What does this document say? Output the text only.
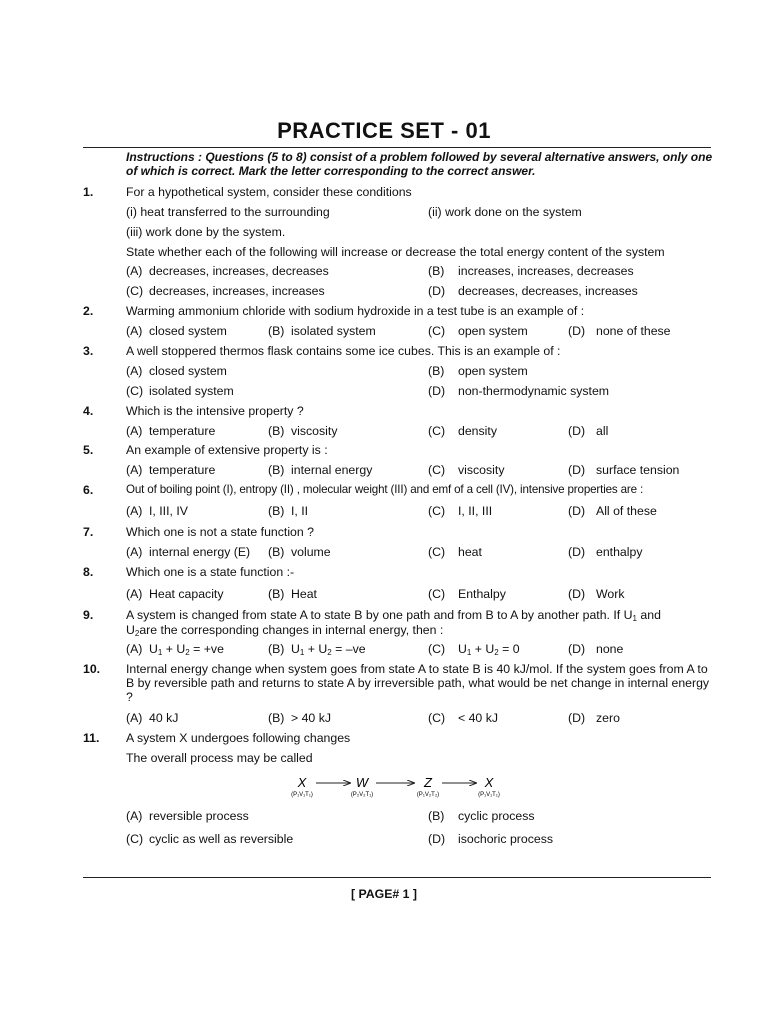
PRACTICE SET - 01
Instructions : Questions (5 to 8) consist of a problem followed by several alternative answers, only one of which is correct. Mark the letter corresponding to the correct answer.
1.	For a hypothetical system, consider these conditions
(i) heat transferred to the surrounding	(ii) work done on the system
(iii) work done by the system.
State whether each of the following will increase or decrease the total energy content of the system
(A) decreases, increases, decreases	(B) increases, increases, decreases
(C) decreases, increases, increases	(D) decreases, decreases, increases
2.	Warming ammonium chloride with sodium hydroxide in a test tube is an example of :
(A) closed system	(B) isolated system	(C) open system	(D) none of these
3.	A well stoppered thermos flask contains some ice cubes. This is an example of :
(A) closed system	(B) open system
(C) isolated system	(D) non-thermodynamic system
4.	Which is the intensive property ?
(A) temperature	(B) viscosity	(C) density	(D) all
5.	An example of extensive property is :
(A) temperature	(B) internal energy	(C) viscosity	(D) surface tension
6.	Out of boiling point (I), entropy (II) , molecular weight (III) and emf of a cell (IV), intensive properties are :
(A) I, III, IV	(B) I, II	(C) I, II, III	(D) All of these
7.	Which one is not a state function ?
(A) internal energy (E) (B) volume	(C) heat	(D) enthalpy
8.	Which one is a state function :-
(A) Heat capacity	(B) Heat	(C) Enthalpy	(D) Work
9.	A system is changed from state A to state B by one path and from B to A by another path. If $U_1$ and
$U_2are$ the corresponding changes in internal energy, then :
(A) $U_1 + U_2 = +ve$	(B) $U_1 + U_2 = -ve$	(C) $U_1 + U_2 = 0$	(D) none
10. Internal energy change when system goes from state A to state B is 40 kJ/mol. If the system goes from A to B by reversible path and returns to state A by irreversible path, what would be net change in internal energy ?
(A) 40 kJ	(B) > 40 kJ	(C) < 40 kJ	(D) zero
11. A system X undergoes following changes
The overall process may be called
X	W	Z	X
(P₁V₁T₁)	(P₂V₂T₁)	(P₁V₂T₂)	(P₁V₁T₁)
(A) reversible process	(B) cyclic process
(C) cyclic as well as reversible	(D) isochoric process
[ PAGE# 1 ]
